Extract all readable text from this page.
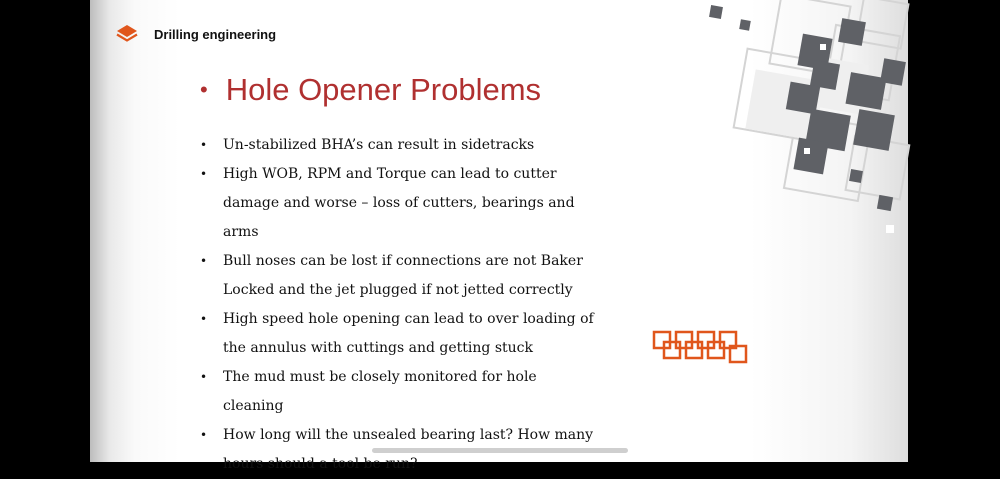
Drilling engineering
• Hole Opener Problems
• Un-stabilized BHA’s can result in sidetracks
• High WOB, RPM and Torque can lead to cutter
damage and worse – loss of cutters, bearings and
arms
• Bull noses can be lost if connections are not Baker
Locked and the jet plugged if not jetted correctly
• High speed hole opening can lead to over loading of
the annulus with cuttings and getting stuck
• The mud must be closely monitored for hole cleaning
• How long will the unsealed bearing last? How many
hours should a tool be run?
